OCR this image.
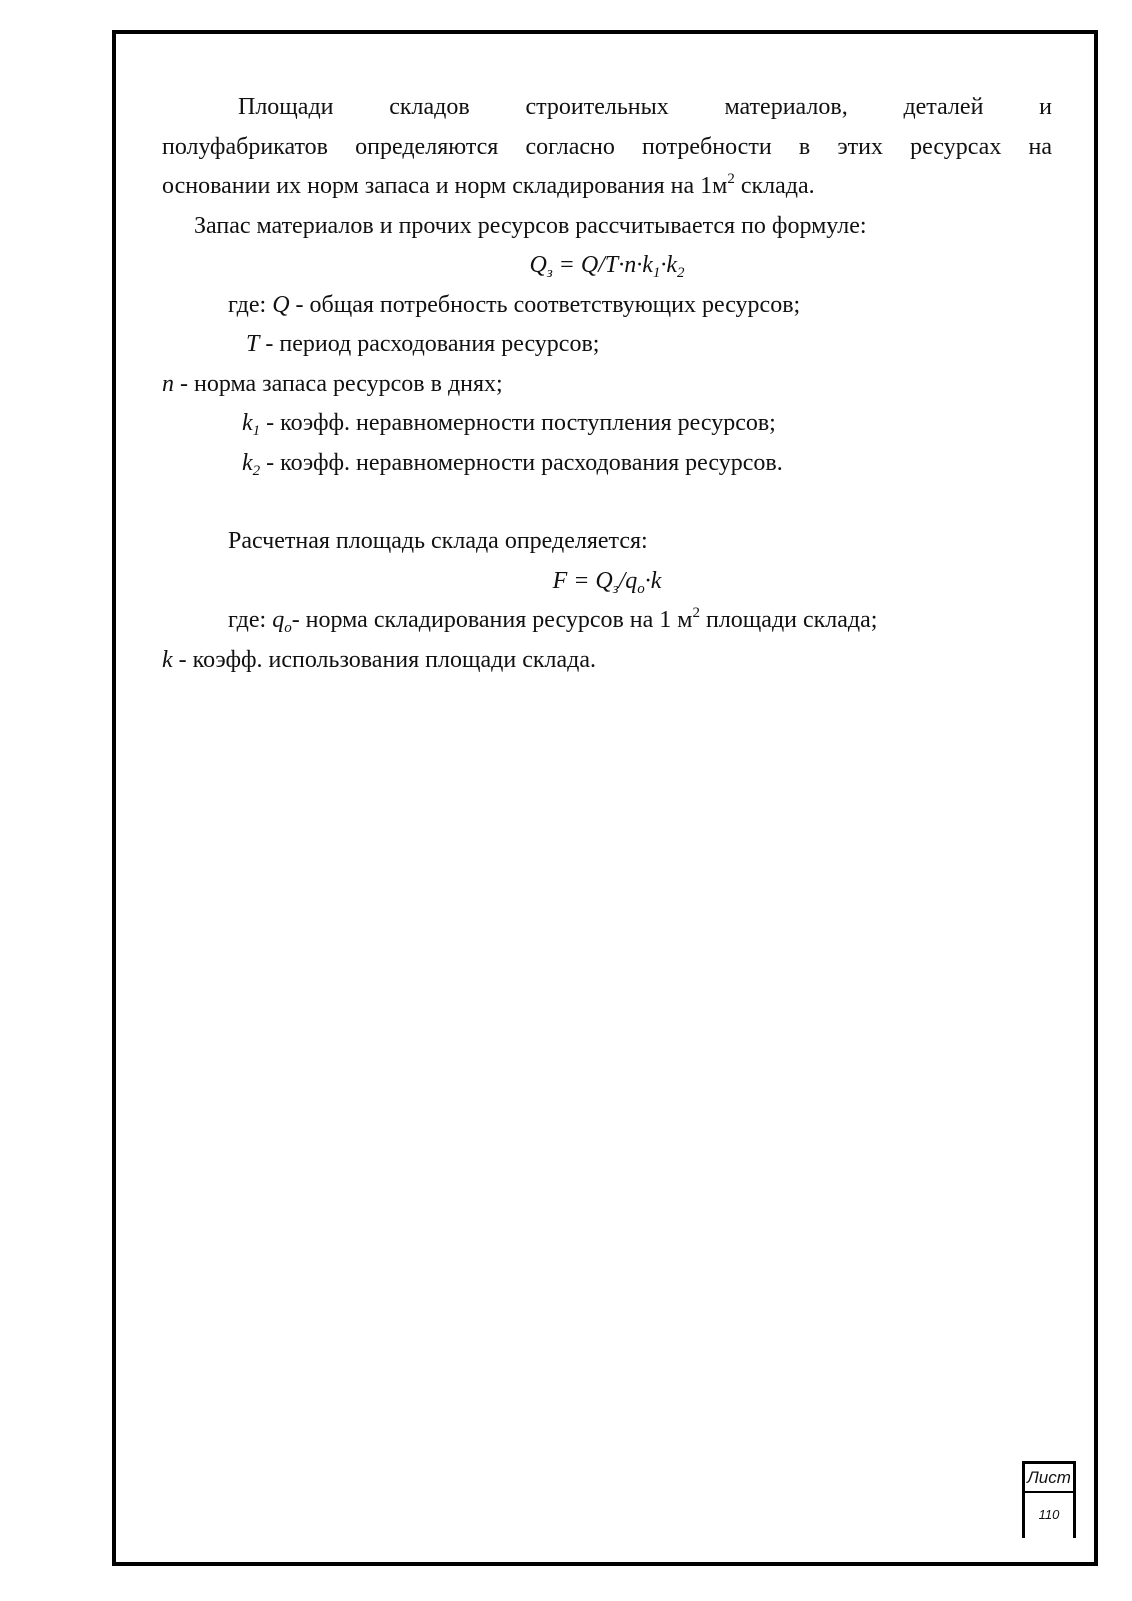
Площади складов строительных материалов, деталей и

полуфабрикатов определяются согласно потребности в этих ресурсах на

основании их норм запаса и норм складирования на $1м^2$ склада.

Запас материалов и прочих ресурсов рассчитывается по формуле:

$Q_з = Q/T\cdot n\cdot k_1\cdot k_2$

где: Q - общая потребность соответствующих ресурсов;

T - период расходования ресурсов;

n - норма запаса ресурсов в днях;

$k_1$ - коэфф. неравномерности поступления ресурсов;

$k_2$ - коэфф. неравномерности расходования ресурсов.

Расчетная площадь склада определяется:

$F = Q_з/q_o\cdot k$

где: $q_o-$ норма складирования ресурсов на 1 $м^2$ площади склада;

k - коэфф. использования площади склада.

Лист
110
